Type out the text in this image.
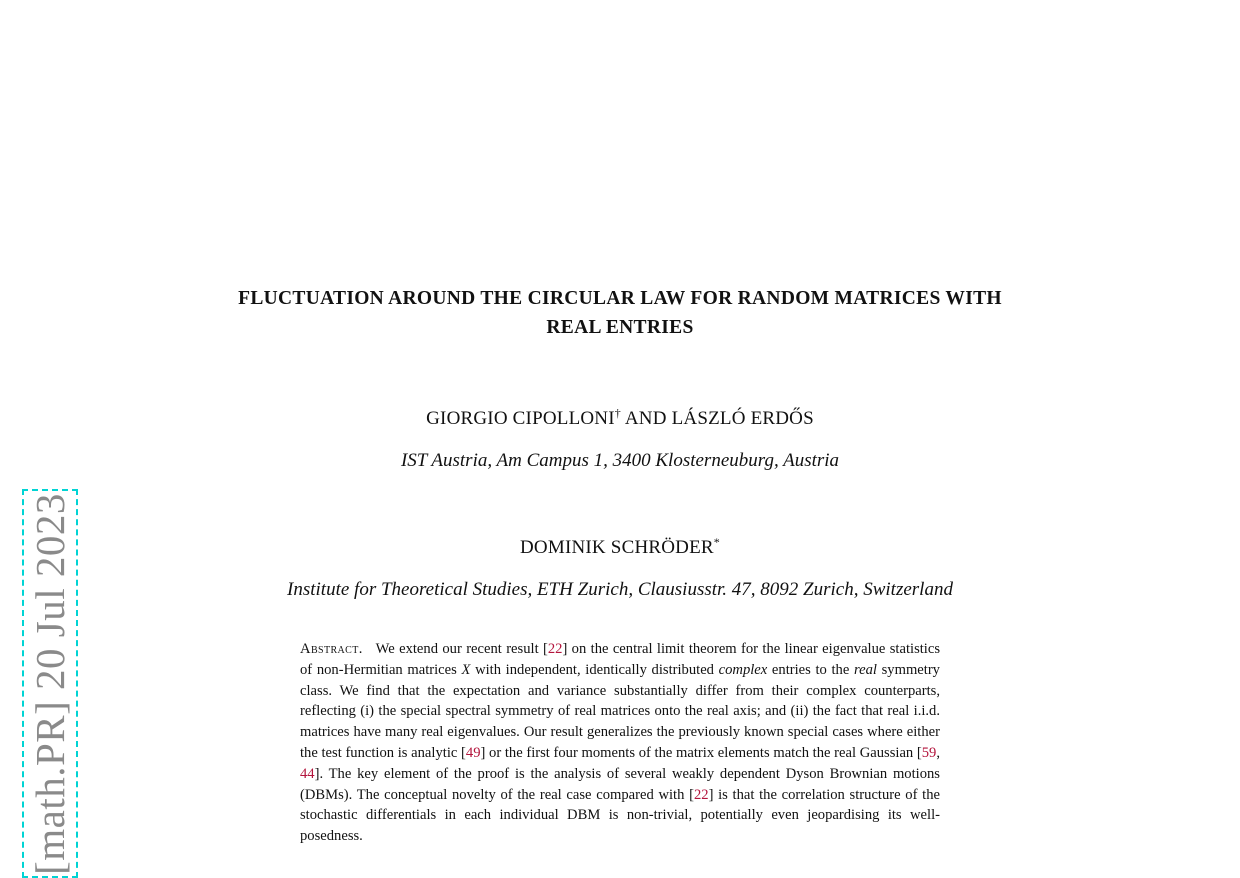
[math.PR] 20 Jul 2023
FLUCTUATION AROUND THE CIRCULAR LAW FOR RANDOM MATRICES WITH
REAL ENTRIES
GIORGIO CIPOLLONI† AND LÁSZLÓ ERDŐS
IST Austria, Am Campus 1, 3400 Klosterneuburg, Austria
DOMINIK SCHRÖDER*
Institute for Theoretical Studies, ETH Zurich, Clausiusstr. 47, 8092 Zurich, Switzerland
Abstract. We extend our recent result [22] on the central limit theorem for the linear eigenvalue statistics of non-Hermitian matrices X with independent, identically distributed complex entries to the real symmetry class. We find that the expectation and variance substantially differ from their complex counterparts, reflecting (i) the special spectral symmetry of real matrices onto the real axis; and (ii) the fact that real i.i.d. matrices have many real eigenvalues. Our result generalizes the previously known special cases where either the test function is analytic [49] or the first four moments of the matrix elements match the real Gaussian [59, 44]. The key element of the proof is the analysis of several weakly dependent Dyson Brownian motions (DBMs). The conceptual novelty of the real case compared with [22] is that the correlation structure of the stochastic differentials in each individual DBM is non-trivial, potentially even jeopardising its well-posedness.
